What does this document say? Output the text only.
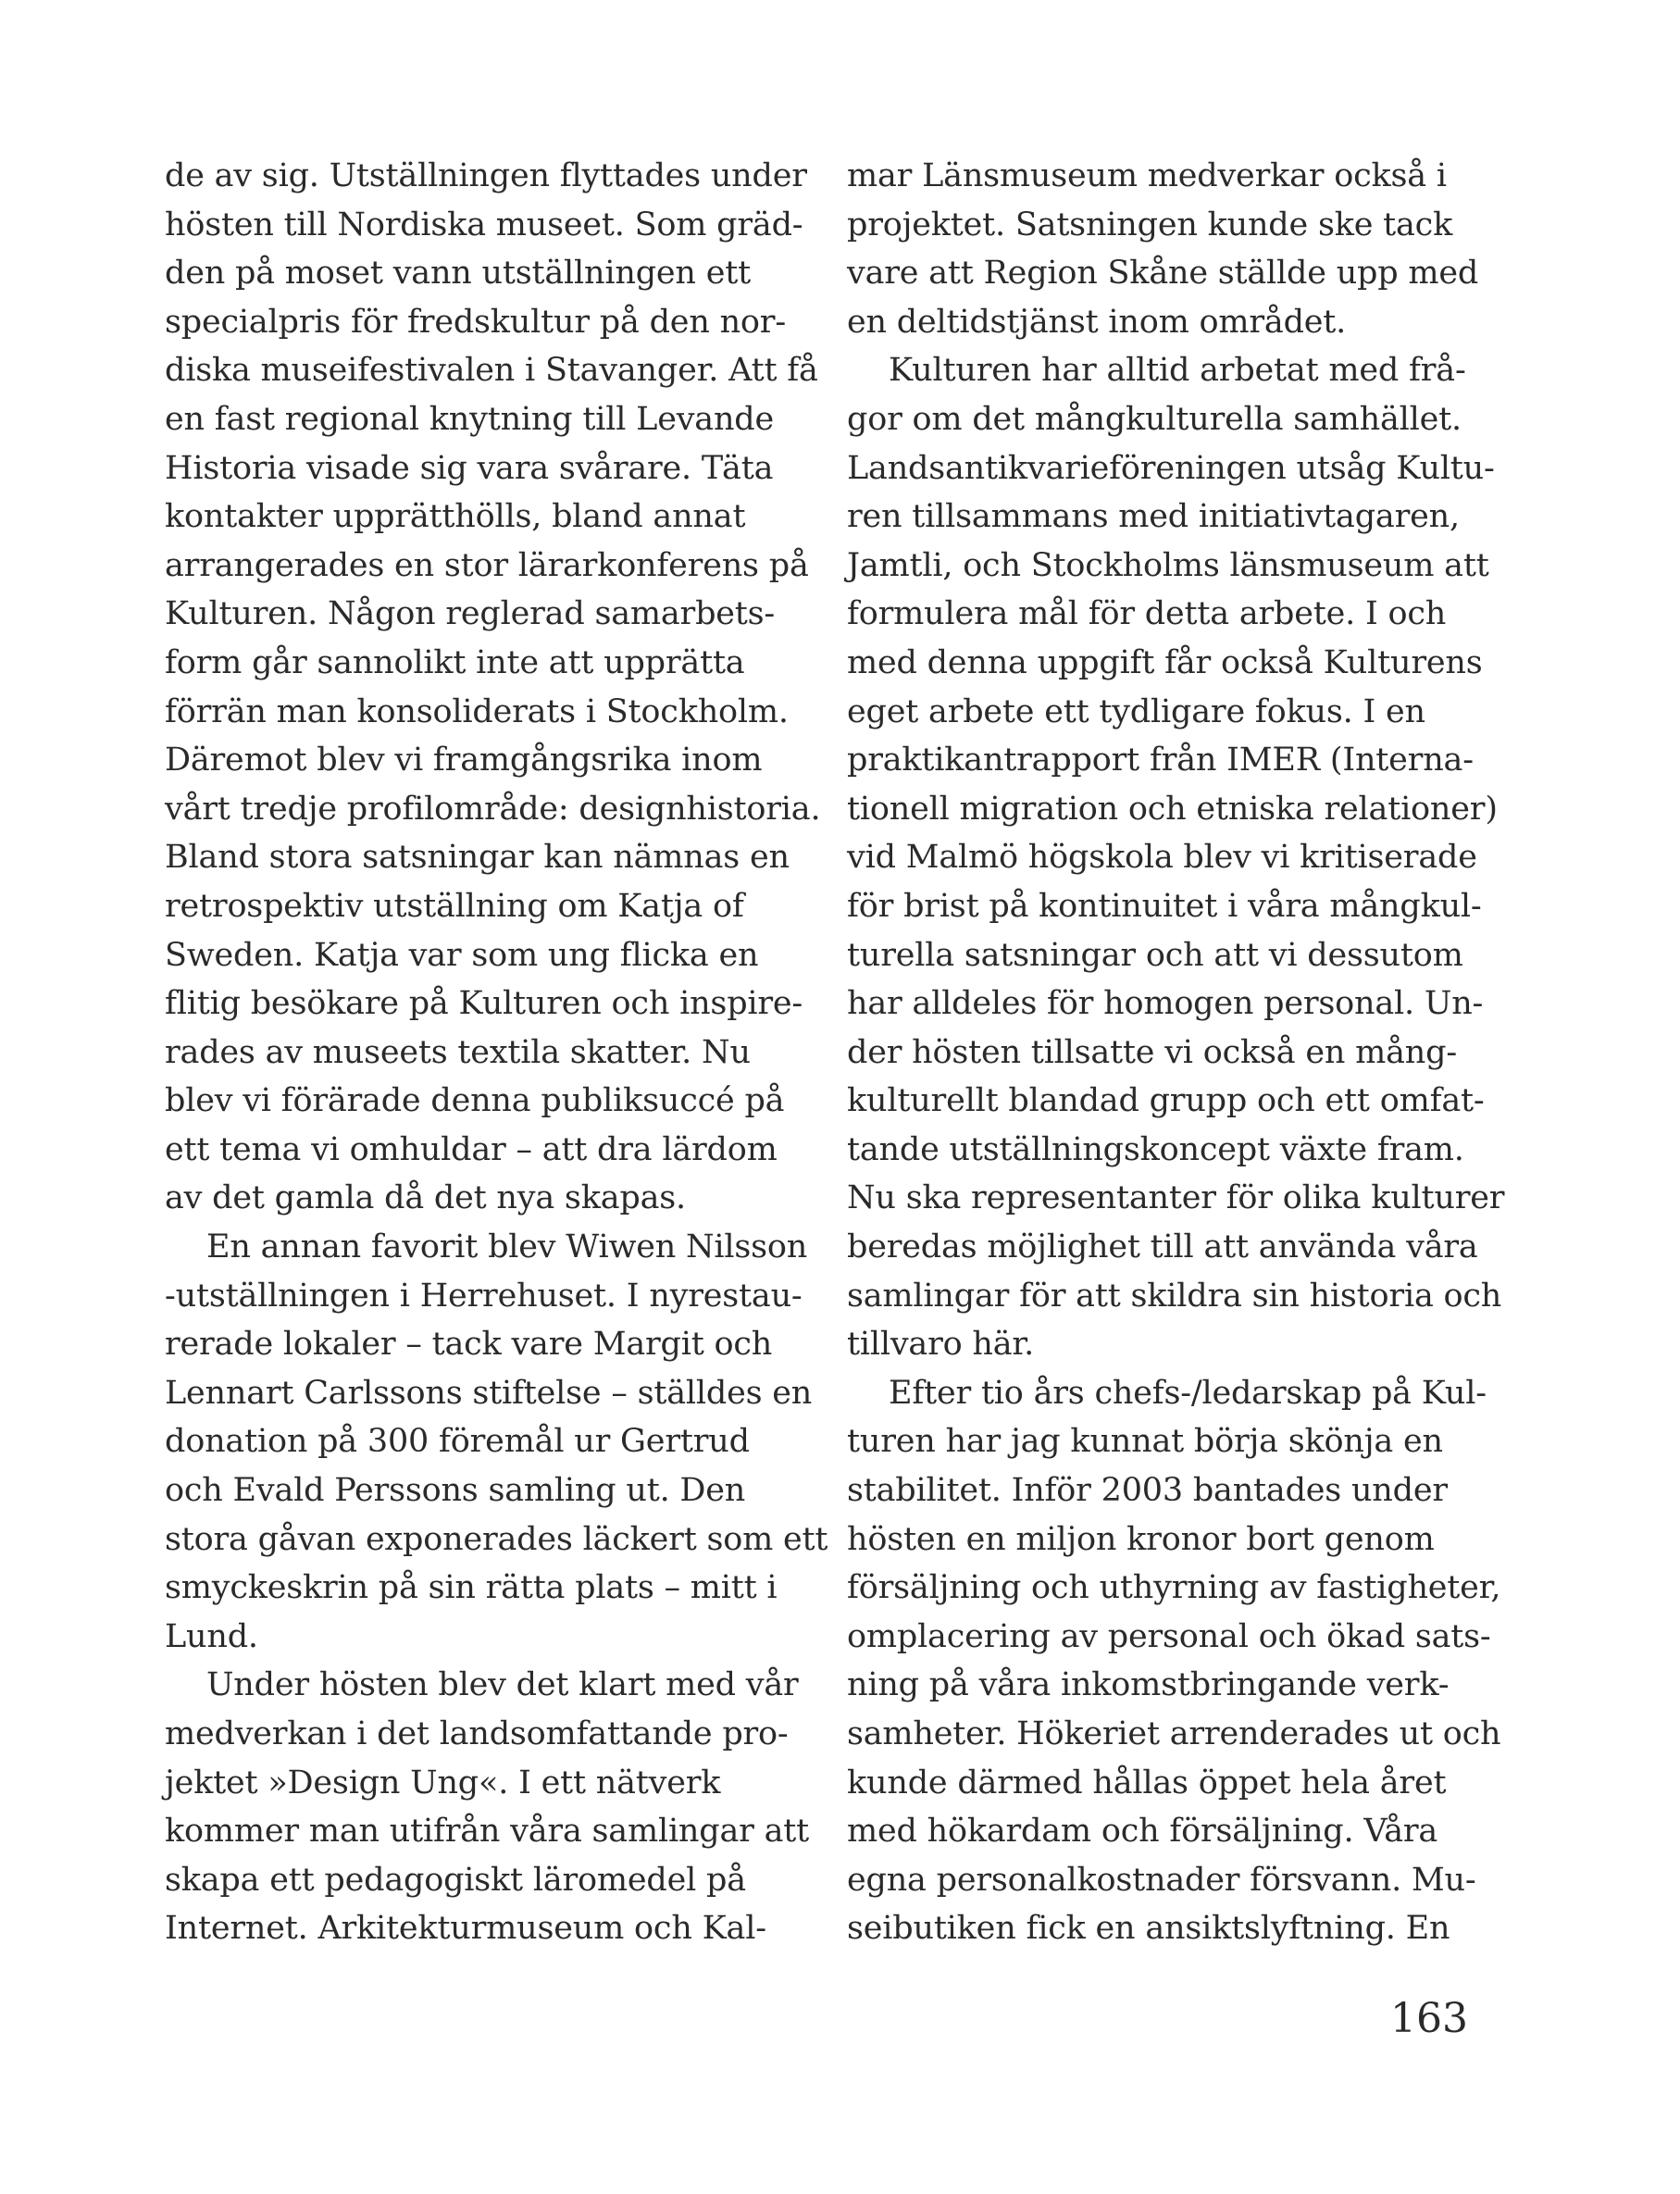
de av sig. Utställningen flyttades under
hösten till Nordiska museet. Som gräd-
den på moset vann utställningen ett
specialpris för fredskultur på den nor-
diska museifestivalen i Stavanger. Att få
en fast regional knytning till Levande
Historia visade sig vara svårare. Täta
kontakter upprätthölls, bland annat
arrangerades en stor lärarkonferens på
Kulturen. Någon reglerad samarbets-
form går sannolikt inte att upprätta
förrän man konsoliderats i Stockholm.
Däremot blev vi framgångsrika inom
vårt tredje profilområde: designhistoria.
Bland stora satsningar kan nämnas en
retrospektiv utställning om Katja of
Sweden. Katja var som ung flicka en
flitig besökare på Kulturen och inspire-
rades av museets textila skatter. Nu
blev vi förärade denna publiksuccé på
ett tema vi omhuldar – att dra lärdom
av det gamla då det nya skapas.
En annan favorit blev Wiwen Nilsson
-utställningen i Herrehuset. I nyrestau-
rerade lokaler – tack vare Margit och
Lennart Carlssons stiftelse – ställdes en
donation på 300 föremål ur Gertrud
och Evald Perssons samling ut. Den
stora gåvan exponerades läckert som ett
smyckeskrin på sin rätta plats – mitt i
Lund.
Under hösten blev det klart med vår
medverkan i det landsomfattande pro-
jektet »Design Ung«. I ett nätverk
kommer man utifrån våra samlingar att
skapa ett pedagogiskt läromedel på
Internet. Arkitekturmuseum och Kal-
mar Länsmuseum medverkar också i
projektet. Satsningen kunde ske tack
vare att Region Skåne ställde upp med
en deltidstjänst inom området.
Kulturen har alltid arbetat med frå-
gor om det mångkulturella samhället.
Landsantikvarieföreningen utsåg Kultu-
ren tillsammans med initiativtagaren,
Jamtli, och Stockholms länsmuseum att
formulera mål för detta arbete. I och
med denna uppgift får också Kulturens
eget arbete ett tydligare fokus. I en
praktikantrapport från IMER (Interna-
tionell migration och etniska relationer)
vid Malmö högskola blev vi kritiserade
för brist på kontinuitet i våra mångkul-
turella satsningar och att vi dessutom
har alldeles för homogen personal. Un-
der hösten tillsatte vi också en mång-
kulturellt blandad grupp och ett omfat-
tande utställningskoncept växte fram.
Nu ska representanter för olika kulturer
beredas möjlighet till att använda våra
samlingar för att skildra sin historia och
tillvaro här.
Efter tio års chefs-/ledarskap på Kul-
turen har jag kunnat börja skönja en
stabilitet. Inför 2003 bantades under
hösten en miljon kronor bort genom
försäljning och uthyrning av fastigheter,
omplacering av personal och ökad sats-
ning på våra inkomstbringande verk-
samheter. Hökeriet arrenderades ut och
kunde därmed hållas öppet hela året
med hökardam och försäljning. Våra
egna personalkostnader försvann. Mu-
seibutiken fick en ansiktslyftning. En
163
